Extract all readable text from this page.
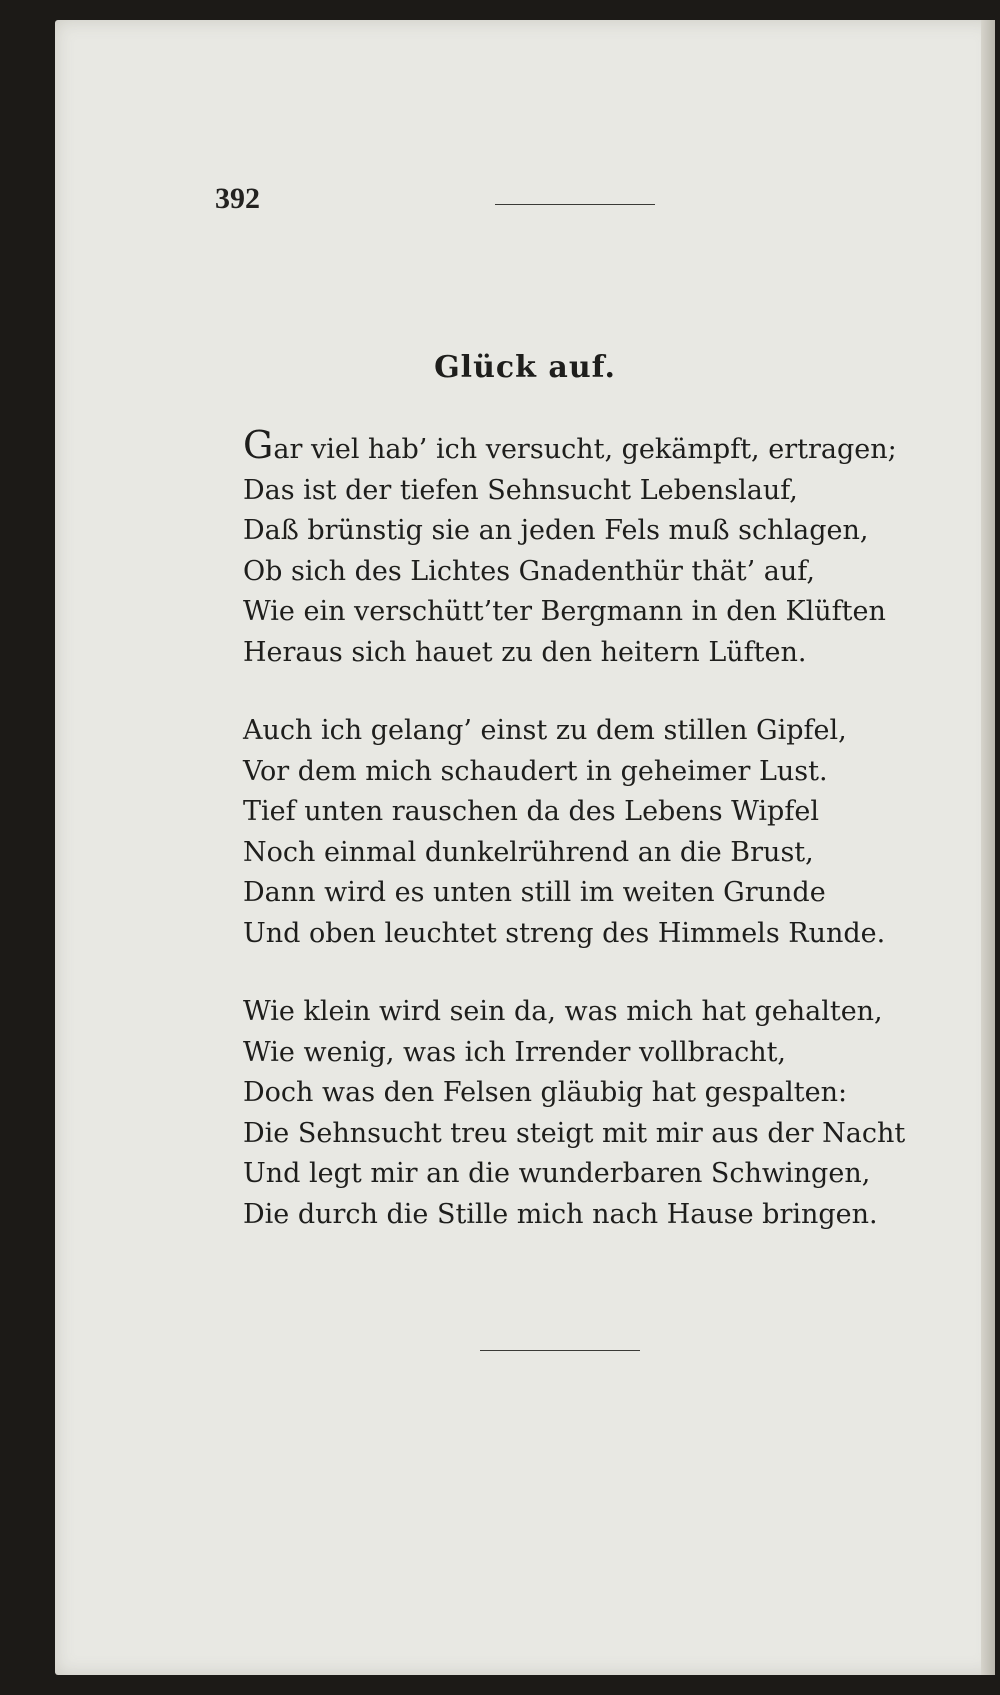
392
Glück auf.
Gar viel hab’ ich versucht, gekämpft, ertragen;
Das ist der tiefen Sehnsucht Lebenslauf,
Daß brünstig sie an jeden Fels muß schlagen,
Ob sich des Lichtes Gnadenthür thät’ auf,
Wie ein verschütt’ter Bergmann in den Klüften
Heraus sich hauet zu den heitern Lüften.
Auch ich gelang’ einst zu dem stillen Gipfel,
Vor dem mich schaudert in geheimer Lust.
Tief unten rauschen da des Lebens Wipfel
Noch einmal dunkelrührend an die Brust,
Dann wird es unten still im weiten Grunde
Und oben leuchtet streng des Himmels Runde.
Wie klein wird sein da, was mich hat gehalten,
Wie wenig, was ich Irrender vollbracht,
Doch was den Felsen gläubig hat gespalten:
Die Sehnsucht treu steigt mit mir aus der Nacht
Und legt mir an die wunderbaren Schwingen,
Die durch die Stille mich nach Hause bringen.
